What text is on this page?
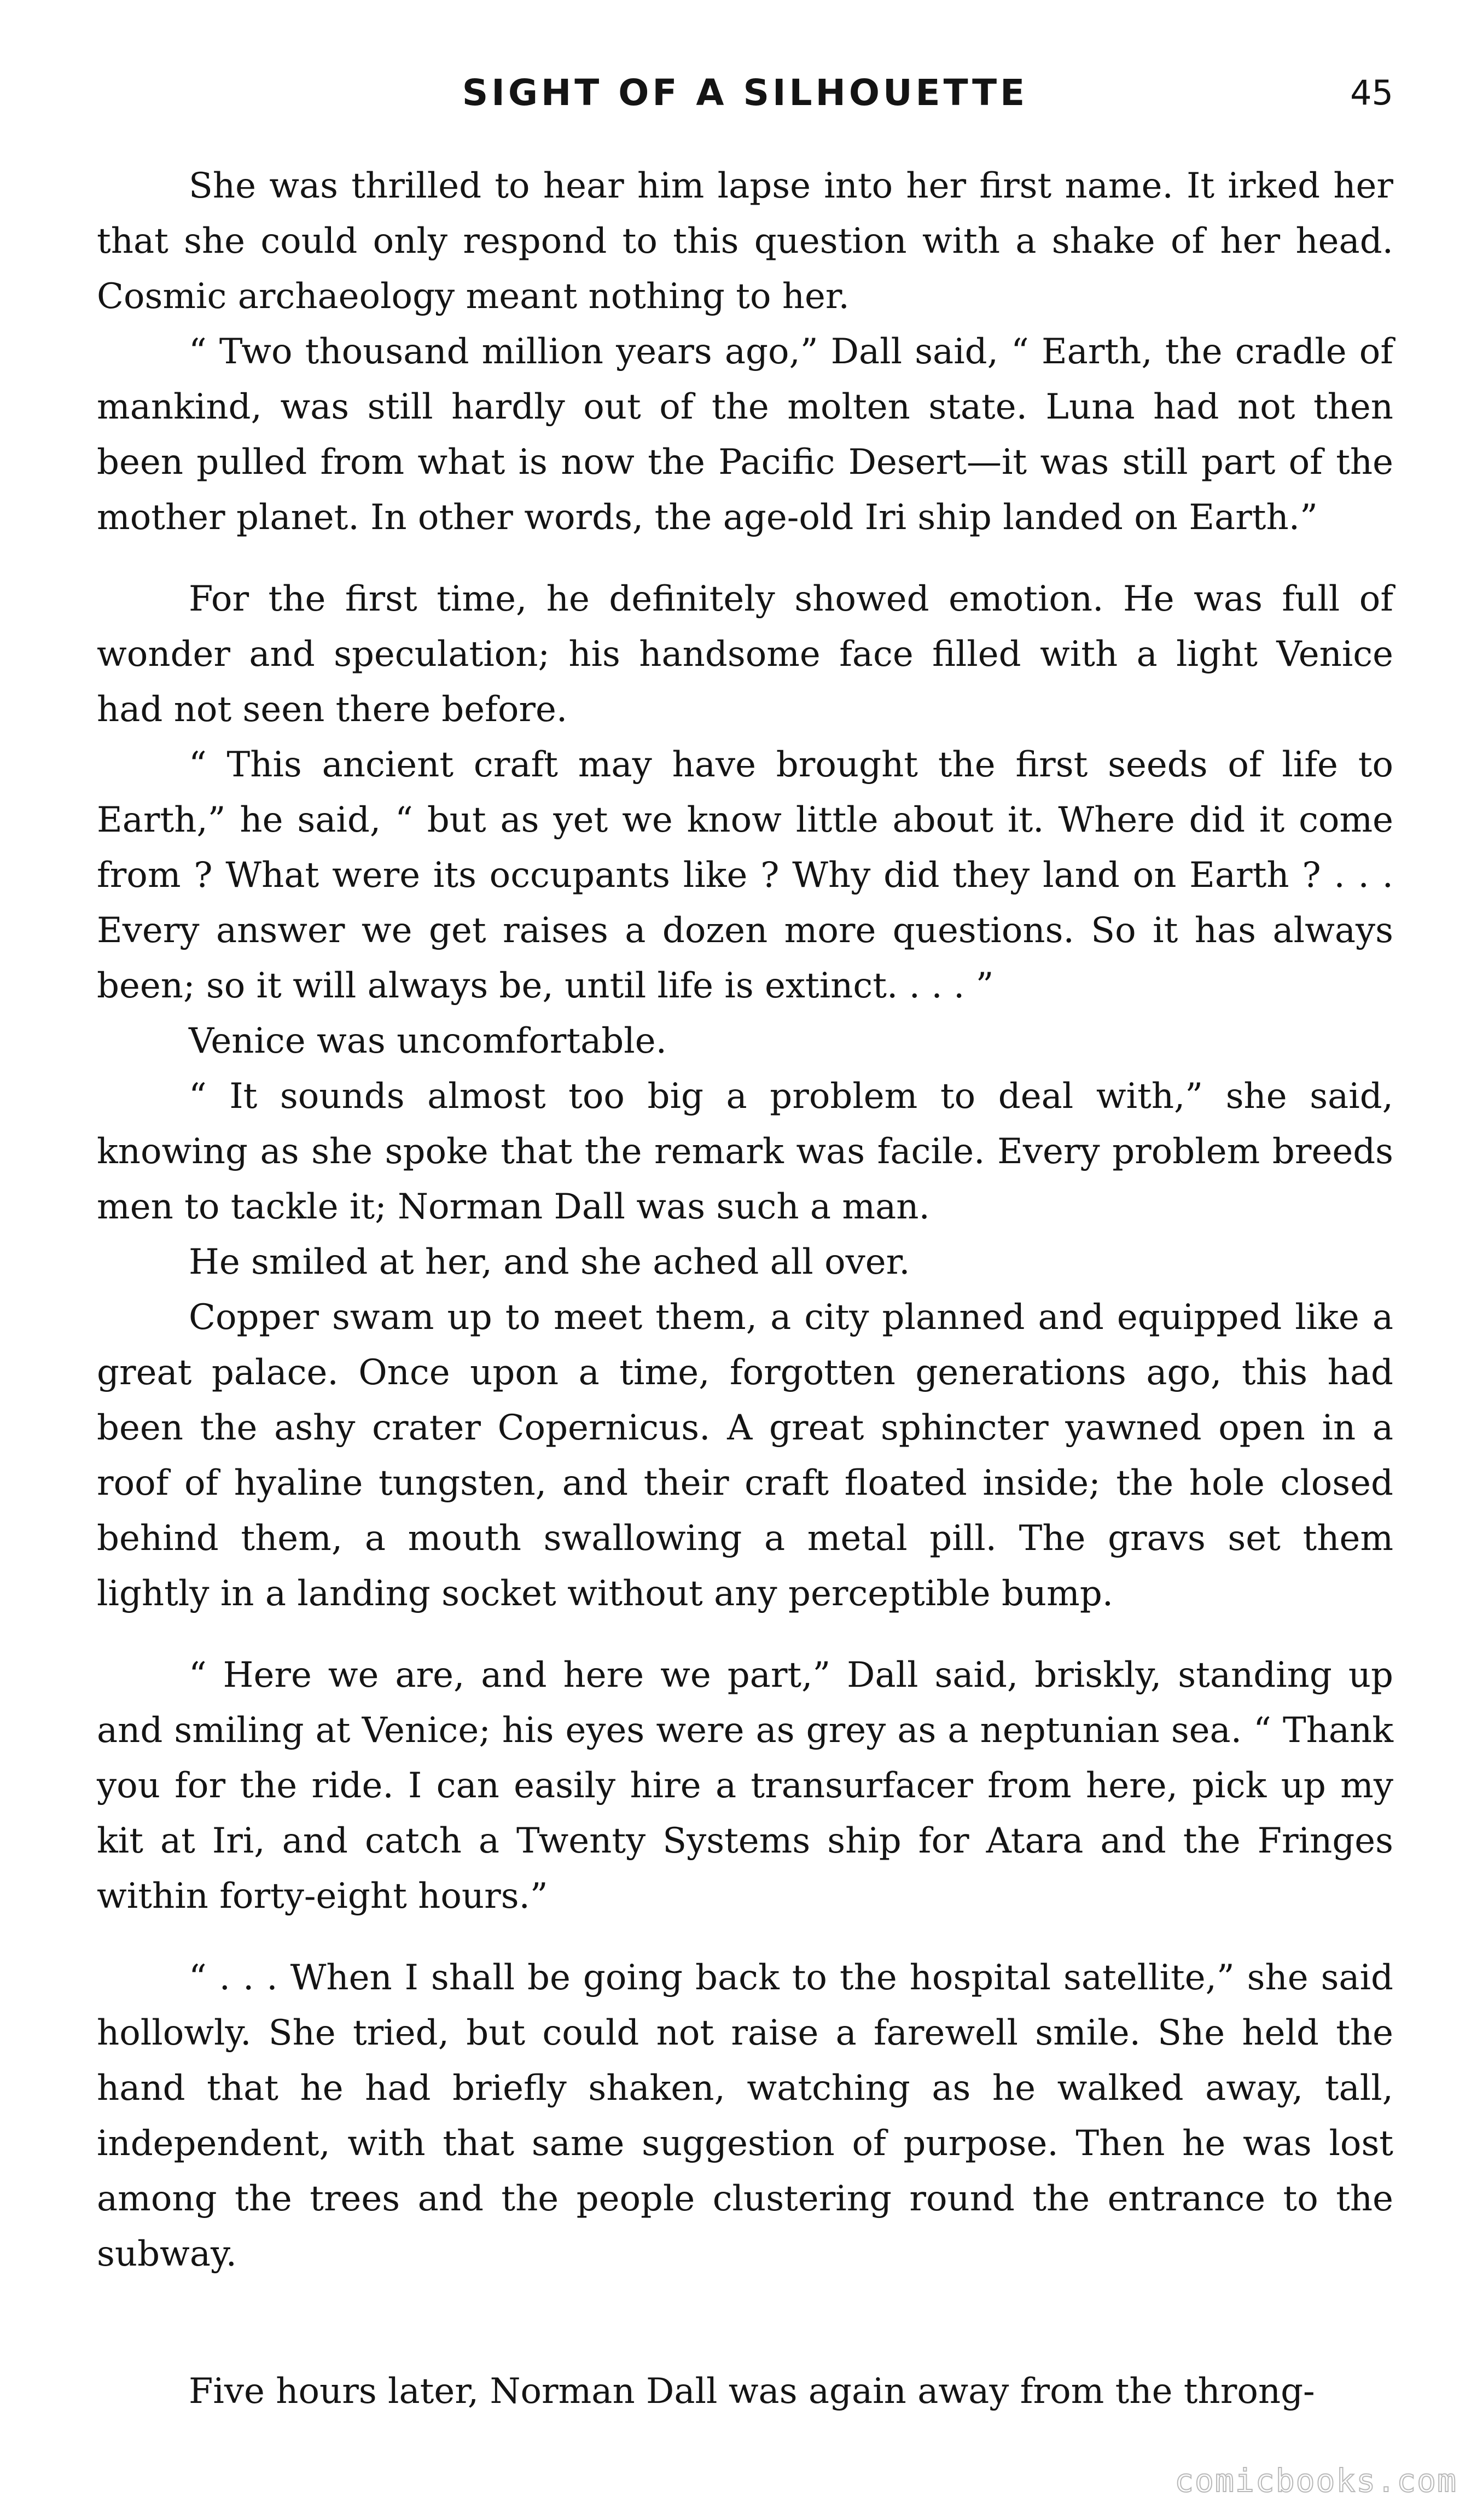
SIGHT OF A SILHOUETTE	45

She was thrilled to hear him lapse into her first name. It irked her that she could only respond to this question with a shake of her head. Cosmic archaeology meant nothing to her.

“ Two thousand million years ago,” Dall said, “ Earth, the cradle of mankind, was still hardly out of the molten state. Luna had not then been pulled from what is now the Pacific Desert—it was still part of the mother planet. In other words, the age-old Iri ship landed on Earth.”

For the first time, he definitely showed emotion. He was full of wonder and speculation; his handsome face filled with a light Venice had not seen there before.

“ This ancient craft may have brought the first seeds of life to Earth,” he said, “ but as yet we know little about it. Where did it come from ? What were its occupants like ? Why did they land on Earth ? . . . Every answer we get raises a dozen more questions. So it has always been; so it will always be, until life is extinct. . . . ”

Venice was uncomfortable.

“ It sounds almost too big a problem to deal with,” she said, knowing as she spoke that the remark was facile. Every problem breeds men to tackle it; Norman Dall was such a man.

He smiled at her, and she ached all over.

Copper swam up to meet them, a city planned and equipped like a great palace. Once upon a time, forgotten generations ago, this had been the ashy crater Copernicus. A great sphincter yawned open in a roof of hyaline tungsten, and their craft floated inside; the hole closed behind them, a mouth swallowing a metal pill. The gravs set them lightly in a landing socket without any perceptible bump.

“ Here we are, and here we part,” Dall said, briskly, standing up and smiling at Venice; his eyes were as grey as a neptunian sea. “ Thank you for the ride. I can easily hire a transurfacer from here, pick up my kit at Iri, and catch a Twenty Systems ship for Atara and the Fringes within forty-eight hours.”

“ . . . When I shall be going back to the hospital satellite,” she said hollowly. She tried, but could not raise a farewell smile. She held the hand that he had briefly shaken, watching as he walked away, tall, independent, with that same suggestion of purpose. Then he was lost among the trees and the people clustering round the entrance to the subway.

Five hours later, Norman Dall was again away from the throng-

comicbooks.com
